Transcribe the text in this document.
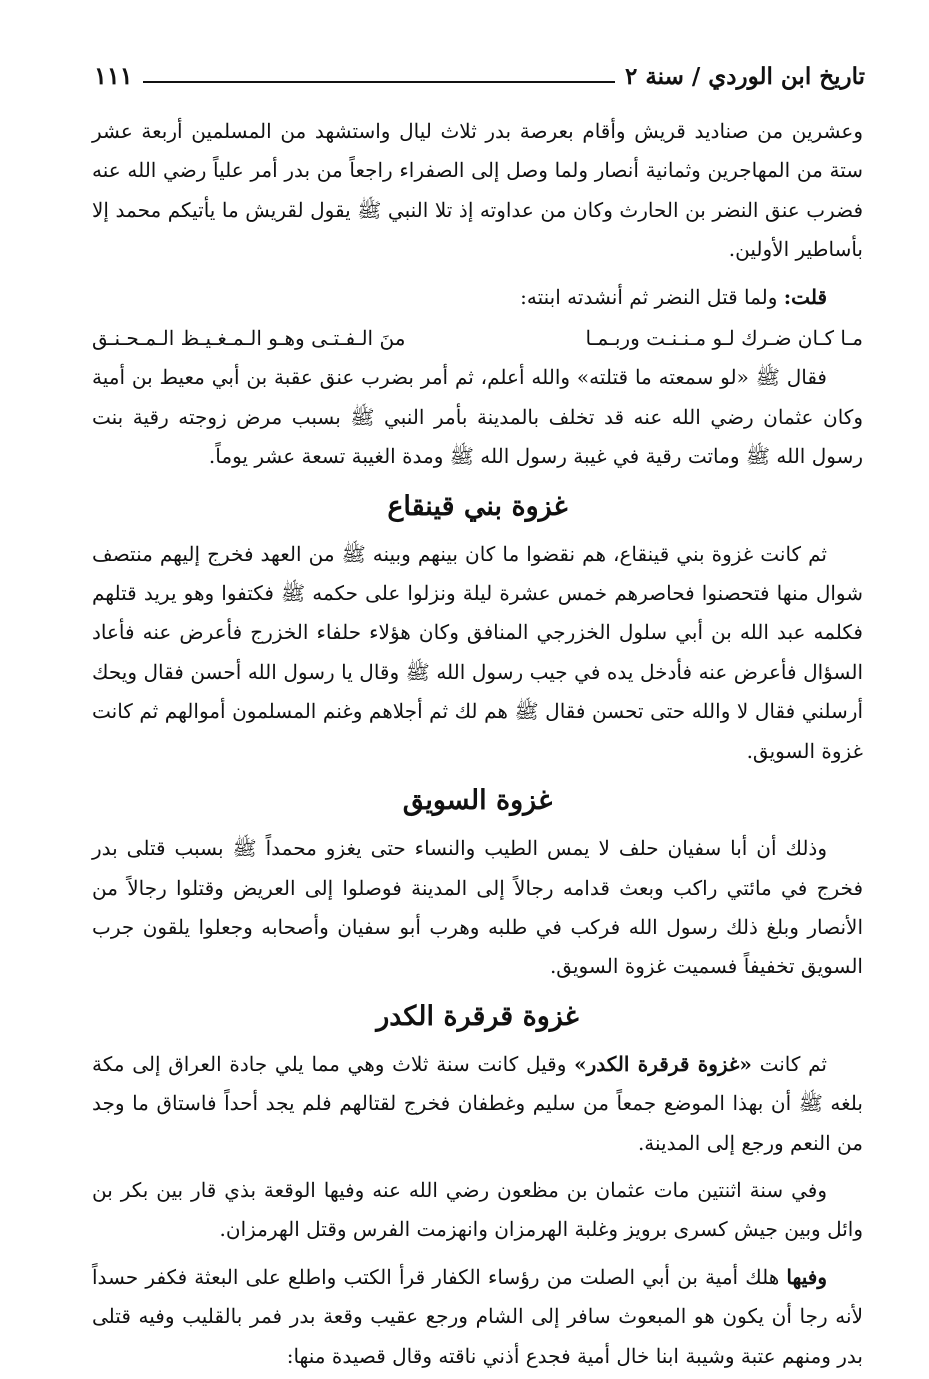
تاريخ ابن الوردي / سنة ٢
١١١

وعشرين من صناديد قريش وأقام بعرصة بدر ثلاث ليال واستشهد من المسلمين أربعة عشر ستة من المهاجرين وثمانية أنصار ولما وصل إلى الصفراء راجعاً من بدر أمر علياً رضي الله عنه فضرب عنق النضر بن الحارث وكان من عداوته إذ تلا النبي ﷺ يقول لقريش ما يأتيكم محمد إلا بأساطير الأولين.

قلت: ولما قتل النضر ثم أنشدته ابنته:

مـا كـان ضـرك لـو مـنـنـت وربـمـا
منَ الـفـتـى وهـو الـمـغـيـظ الـمـحـنـق

فقال ﷺ «لو سمعته ما قتلته» والله أعلم، ثم أمر بضرب عنق عقبة بن أبي معيط بن أمية وكان عثمان رضي الله عنه قد تخلف بالمدينة بأمر النبي ﷺ بسبب مرض زوجته رقية بنت رسول الله ﷺ وماتت رقية في غيبة رسول الله ﷺ ومدة الغيبة تسعة عشر يوماً.

غزوة بني قينقاع

ثم كانت غزوة بني قينقاع، هم نقضوا ما كان بينهم وبينه ﷺ من العهد فخرج إليهم منتصف شوال منها فتحصنوا فحاصرهم خمس عشرة ليلة ونزلوا على حكمه ﷺ فكتفوا وهو يريد قتلهم فكلمه عبد الله بن أبي سلول الخزرجي المنافق وكان هؤلاء حلفاء الخزرج فأعرض عنه فأعاد السؤال فأعرض عنه فأدخل يده في جيب رسول الله ﷺ وقال يا رسول الله أحسن فقال ويحك أرسلني فقال لا والله حتى تحسن فقال ﷺ هم لك ثم أجلاهم وغنم المسلمون أموالهم ثم كانت غزوة السويق.

غزوة السويق

وذلك أن أبا سفيان حلف لا يمس الطيب والنساء حتى يغزو محمداً ﷺ بسبب قتلى بدر فخرج في مائتي راكب وبعث قدامه رجالاً إلى المدينة فوصلوا إلى العريض وقتلوا رجالاً من الأنصار وبلغ ذلك رسول الله فركب في طلبه وهرب أبو سفيان وأصحابه وجعلوا يلقون جرب السويق تخفيفاً فسميت غزوة السويق.

غزوة قرقرة الكدر

ثم كانت «غزوة قرقرة الكدر» وقيل كانت سنة ثلاث وهي مما يلي جادة العراق إلى مكة بلغه ﷺ أن بهذا الموضع جمعاً من سليم وغطفان فخرج لقتالهم فلم يجد أحداً فاستاق ما وجد من النعم ورجع إلى المدينة.

وفي سنة اثنتين مات عثمان بن مظعون رضي الله عنه وفيها الوقعة بذي قار بين بكر بن وائل وبين جيش كسرى برويز وغلبة الهرمزان وانهزمت الفرس وقتل الهرمزان.

وفيها هلك أمية بن أبي الصلت من رؤساء الكفار قرأ الكتب واطلع على البعثة فكفر حسداً لأنه رجا أن يكون هو المبعوث سافر إلى الشام ورجع عقيب وقعة بدر فمر بالقليب وفيه قتلى بدر ومنهم عتبة وشيبة ابنا خال أمية فجدع أذني ناقته وقال قصيدة منها:
